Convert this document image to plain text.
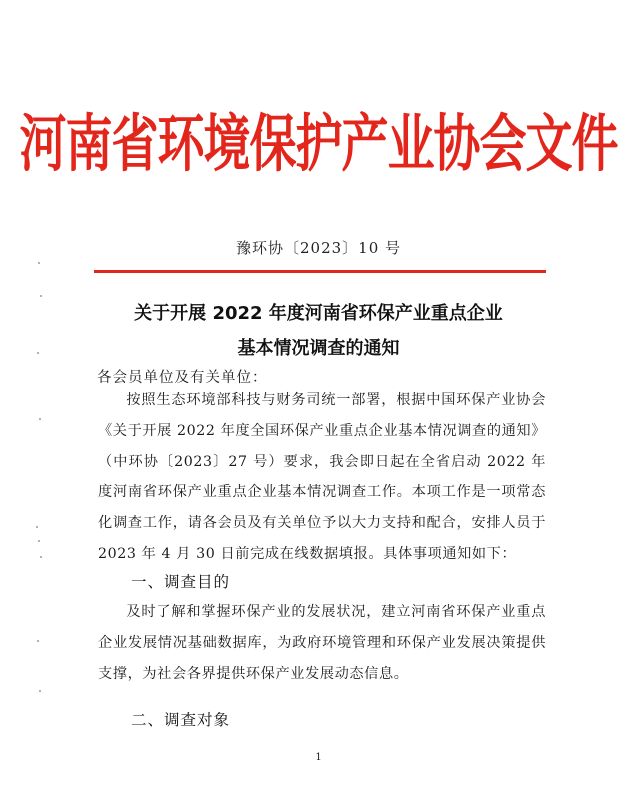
河南省环境保护产业协会文件
豫环协〔2023〕10 号
关于开展 2022 年度河南省环保产业重点企业
基本情况调查的通知
各会员单位及有关单位：

按照生态环境部科技与财务司统一部署，根据中国环保产业协会《关于开展 2022 年度全国环保产业重点企业基本情况调查的通知》（中环协〔2023〕27 号）要求，我会即日起在全省启动 2022 年度河南省环保产业重点企业基本情况调查工作。本项工作是一项常态化调查工作，请各会员及有关单位予以大力支持和配合，安排人员于 2023 年 4 月 30 日前完成在线数据填报。具体事项通知如下：

一、调查目的

及时了解和掌握环保产业的发展状况，建立河南省环保产业重点企业发展情况基础数据库，为政府环境管理和环保产业发展决策提供支撑，为社会各界提供环保产业发展动态信息。

二、调查对象
1
